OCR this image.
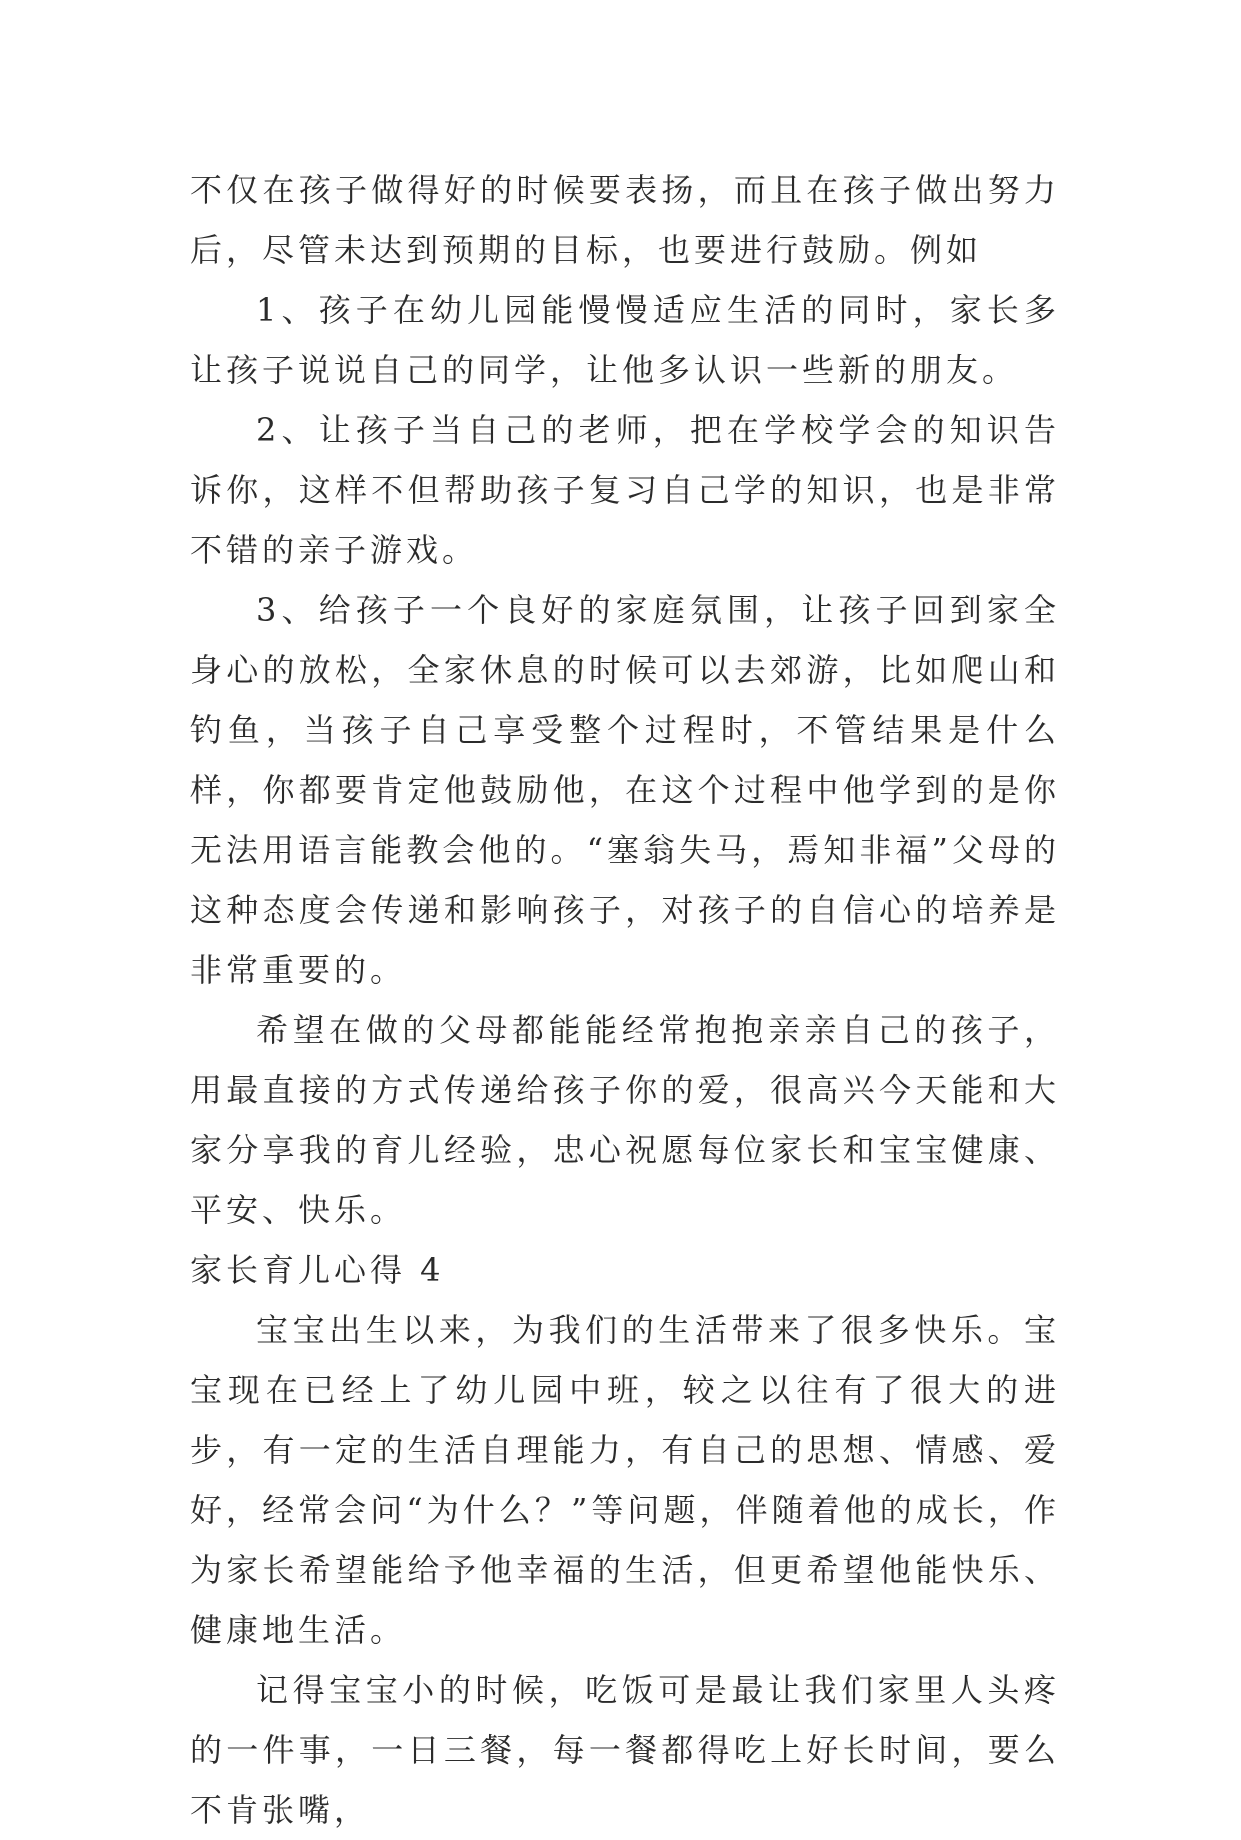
不仅在孩子做得好的时候要表扬，而且在孩子做出努力后，尽管未达到预期的目标，也要进行鼓励。例如

1、孩子在幼儿园能慢慢适应生活的同时，家长多让孩子说说自己的同学，让他多认识一些新的朋友。

2、让孩子当自己的老师，把在学校学会的知识告诉你，这样不但帮助孩子复习自己学的知识，也是非常不错的亲子游戏。

3、给孩子一个良好的家庭氛围，让孩子回到家全身心的放松，全家休息的时候可以去郊游，比如爬山和钓鱼，当孩子自己享受整个过程时，不管结果是什么样，你都要肯定他鼓励他，在这个过程中他学到的是你无法用语言能教会他的。“塞翁失马，焉知非福”父母的这种态度会传递和影响孩子，对孩子的自信心的培养是非常重要的。

希望在做的父母都能能经常抱抱亲亲自己的孩子，用最直接的方式传递给孩子你的爱，很高兴今天能和大家分享我的育儿经验，忠心祝愿每位家长和宝宝健康、平安、快乐。

家长育儿心得 4

宝宝出生以来，为我们的生活带来了很多快乐。宝宝现在已经上了幼儿园中班，较之以往有了很大的进步，有一定的生活自理能力，有自己的思想、情感、爱好，经常会问“为什么？”等问题，伴随着他的成长，作为家长希望能给予他幸福的生活，但更希望他能快乐、健康地生活。

记得宝宝小的时候，吃饭可是最让我们家里人头疼的一件事，一日三餐，每一餐都得吃上好长时间，要么不肯张嘴，
